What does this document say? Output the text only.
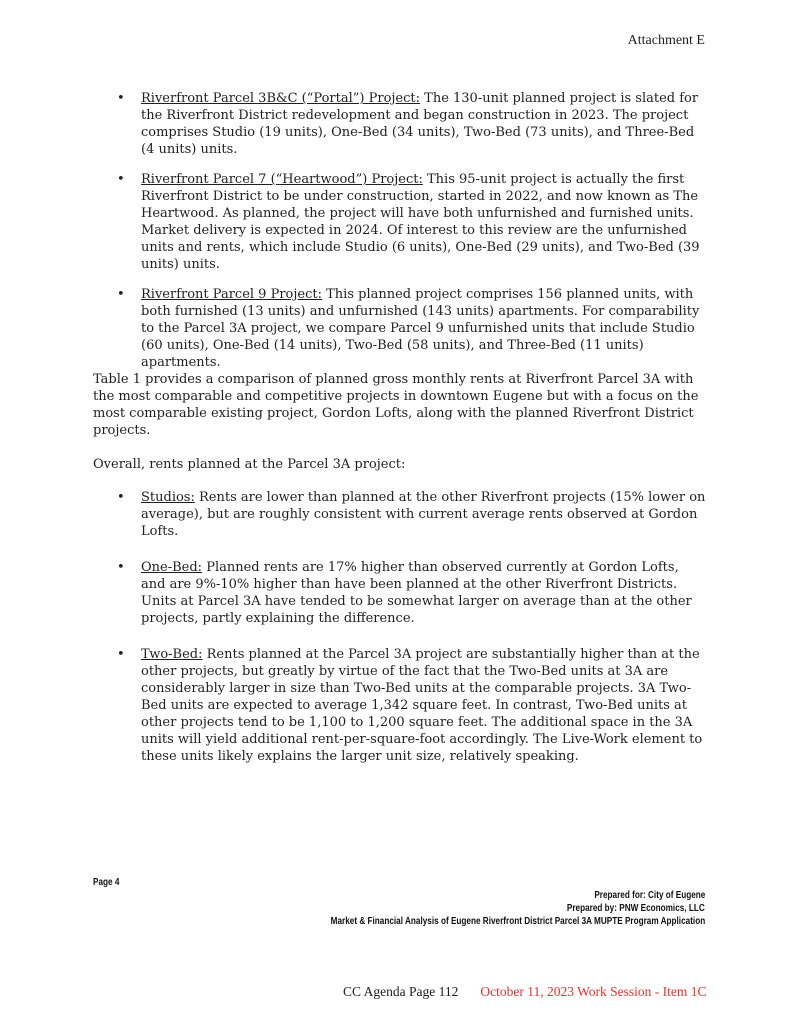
Attachment E
• Riverfront Parcel 3B&C (“Portal”) Project: The 130-unit planned project is slated for the Riverfront District redevelopment and began construction in 2023. The project comprises Studio (19 units), One-Bed (34 units), Two-Bed (73 units), and Three-Bed (4 units) units.
• Riverfront Parcel 7 (“Heartwood”) Project: This 95-unit project is actually the first Riverfront District to be under construction, started in 2022, and now known as The Heartwood. As planned, the project will have both unfurnished and furnished units. Market delivery is expected in 2024. Of interest to this review are the unfurnished units and rents, which include Studio (6 units), One-Bed (29 units), and Two-Bed (39 units) units.
• Riverfront Parcel 9 Project: This planned project comprises 156 planned units, with both furnished (13 units) and unfurnished (143 units) apartments. For comparability to the Parcel 3A project, we compare Parcel 9 unfurnished units that include Studio (60 units), One-Bed (14 units), Two-Bed (58 units), and Three-Bed (11 units) apartments.

Table 1 provides a comparison of planned gross monthly rents at Riverfront Parcel 3A with the most comparable and competitive projects in downtown Eugene but with a focus on the most comparable existing project, Gordon Lofts, along with the planned Riverfront District projects.

Overall, rents planned at the Parcel 3A project:

• Studios: Rents are lower than planned at the other Riverfront projects (15% lower on average), but are roughly consistent with current average rents observed at Gordon Lofts.
• One-Bed: Planned rents are 17% higher than observed currently at Gordon Lofts, and are 9%-10% higher than have been planned at the other Riverfront Districts. Units at Parcel 3A have tended to be somewhat larger on average than at the other projects, partly explaining the difference.
• Two-Bed: Rents planned at the Parcel 3A project are substantially higher than at the other projects, but greatly by virtue of the fact that the Two-Bed units at 3A are considerably larger in size than Two-Bed units at the comparable projects. 3A Two-Bed units are expected to average 1,342 square feet. In contrast, Two-Bed units at other projects tend to be 1,100 to 1,200 square feet. The additional space in the 3A units will yield additional rent-per-square-foot accordingly. The Live-Work element to these units likely explains the larger unit size, relatively speaking.
Page 4
Prepared for: City of Eugene
Prepared by: PNW Economics, LLC
Market & Financial Analysis of Eugene Riverfront District Parcel 3A MUPTE Program Application
CC Agenda Page 112 October 11, 2023 Work Session - Item 1C
